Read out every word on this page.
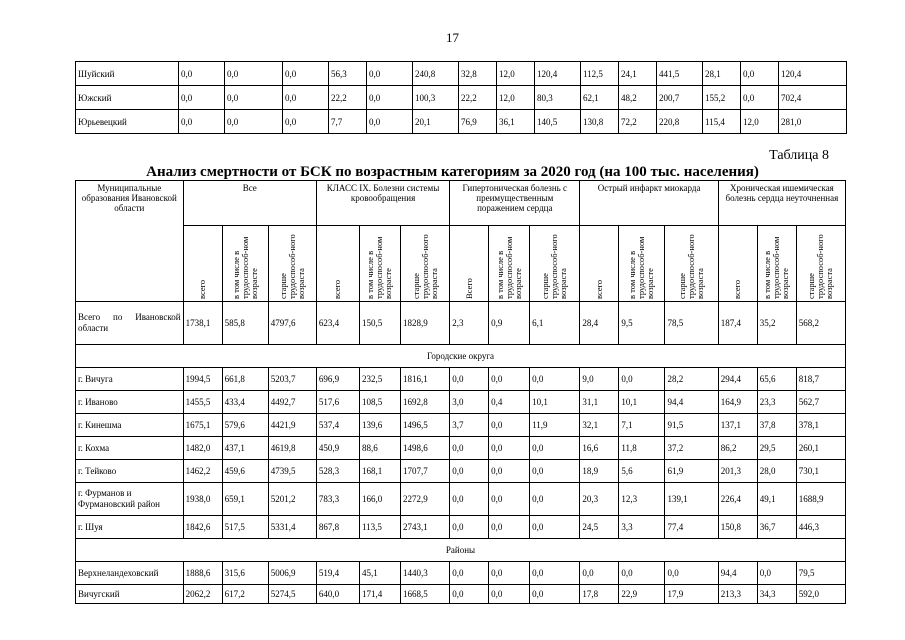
17
Шуйский	0,0	0,0	0,0	56,3	0,0	240,8	32,8	12,0	120,4	112,5	24,1	441,5	28,1	0,0	120,4
Южский	0,0	0,0	0,0	22,2	0,0	100,3	22,2	12,0	80,3	62,1	48,2	200,7	155,2	0,0	702,4
Юрьевецкий	0,0	0,0	0,0	7,7	0,0	20,1	76,9	36,1	140,5	130,8	72,2	220,8	115,4	12,0	281,0
Таблица 8
Анализ смертности от БСК по возрастным категориям за 2020 год (на 100 тыс. населения)
Муниципальные образования Ивановской области	Все			КЛАСС IX. Болезни системы кровообращения			Гипертоническая болезнь с преимущественным поражением сердца			Острый инфаркт миокарда			Хроническая ишемическая болезнь сердца неуточненная		

	всего	в том числе в трудоспособ-ном возрасте	старше трудоспособ-ного возраста	всего	в том числе в трудоспособ-ном возрасте	старше трудоспособ-ного возраста	Всего	в том числе в трудоспособ-ном возрасте	старше трудоспособ-ного возраста	всего	в том числе в трудоспособ-ном возрасте	старше трудоспособ-ного возраста	всего	в том числе в трудоспособ-ном возрасте	старше трудоспособ-ного возраста

Всего по Ивановской области	1738,1	585,8	4797,6	623,4	150,5	1828,9	2,3	0,9	6,1	28,4	9,5	78,5	187,4	35,2	568,2
Городские округа															
г. Вичуга	1994,5	661,8	5203,7	696,9	232,5	1816,1	0,0	0,0	0,0	9,0	0,0	28,2	294,4	65,6	818,7
г. Иваново	1455,5	433,4	4492,7	517,6	108,5	1692,8	3,0	0,4	10,1	31,1	10,1	94,4	164,9	23,3	562,7
г. Кинешма	1675,1	579,6	4421,9	537,4	139,6	1496,5	3,7	0,0	11,9	32,1	7,1	91,5	137,1	37,8	378,1
г. Кохма	1482,0	437,1	4619,8	450,9	88,6	1498,6	0,0	0,0	0,0	16,6	11,8	37,2	86,2	29,5	260,1
г. Тейково	1462,2	459,6	4739,5	528,3	168,1	1707,7	0,0	0,0	0,0	18,9	5,6	61,9	201,3	28,0	730,1
г. Фурманов и Фурмановский район	1938,0	659,1	5201,2	783,3	166,0	2272,9	0,0	0,0	0,0	20,3	12,3	139,1	226,4	49,1	1688,9
г. Шуя	1842,6	517,5	5331,4	867,8	113,5	2743,1	0,0	0,0	0,0	24,5	3,3	77,4	150,8	36,7	446,3
Районы															
Верхнеландеховский	1888,6	315,6	5006,9	519,4	45,1	1440,3	0,0	0,0	0,0	0,0	0,0	0,0	94,4	0,0	79,5
Вичугский	2062,2	617,2	5274,5	640,0	171,4	1668,5	0,0	0,0	0,0	17,8	22,9	17,9	213,3	34,3	592,0
